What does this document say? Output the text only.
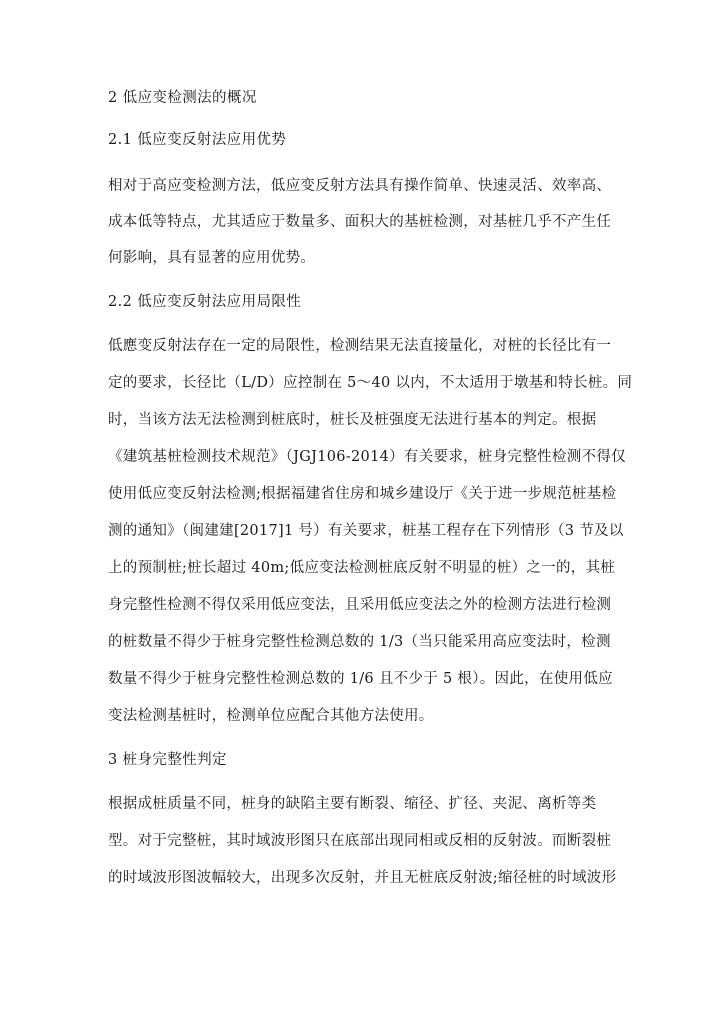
2 低应变检测法的概况
2.1 低应变反射法应用优势
相对于高应变检测方法，低应变反射方法具有操作简单、快速灵活、效率高、
成本低等特点，尤其适应于数量多、面积大的基桩检测，对基桩几乎不产生任
何影响，具有显著的应用优势。
2.2 低应变反射法应用局限性
低應变反射法存在一定的局限性，检测结果无法直接量化，对桩的长径比有一
定的要求，长径比（L/D）应控制在 5～40 以内，不太适用于墩基和特长桩。同
时，当该方法无法检测到桩底时，桩长及桩强度无法进行基本的判定。根据
《建筑基桩检测技术规范》（JGJ106-2014）有关要求，桩身完整性检测不得仅
使用低应变反射法检测;根据福建省住房和城乡建设厅《关于进一步规范桩基检
测的通知》（闽建建[2017]1 号）有关要求，桩基工程存在下列情形（3 节及以
上的预制桩;桩长超过 40m;低应变法检测桩底反射不明显的桩）之一的，其桩
身完整性检测不得仅采用低应变法，且采用低应变法之外的检测方法进行检测
的桩数量不得少于桩身完整性检测总数的 1/3（当只能采用高应变法时，检测
数量不得少于桩身完整性检测总数的 1/6 且不少于 5 根）。因此，在使用低应
变法检测基桩时，检测单位应配合其他方法使用。
3 桩身完整性判定
根据成桩质量不同，桩身的缺陷主要有断裂、缩径、扩径、夹泥、离析等类
型。对于完整桩，其时域波形图只在底部出现同相或反相的反射波。而断裂桩
的时域波形图波幅较大，出现多次反射，并且无桩底反射波;缩径桩的时域波形
